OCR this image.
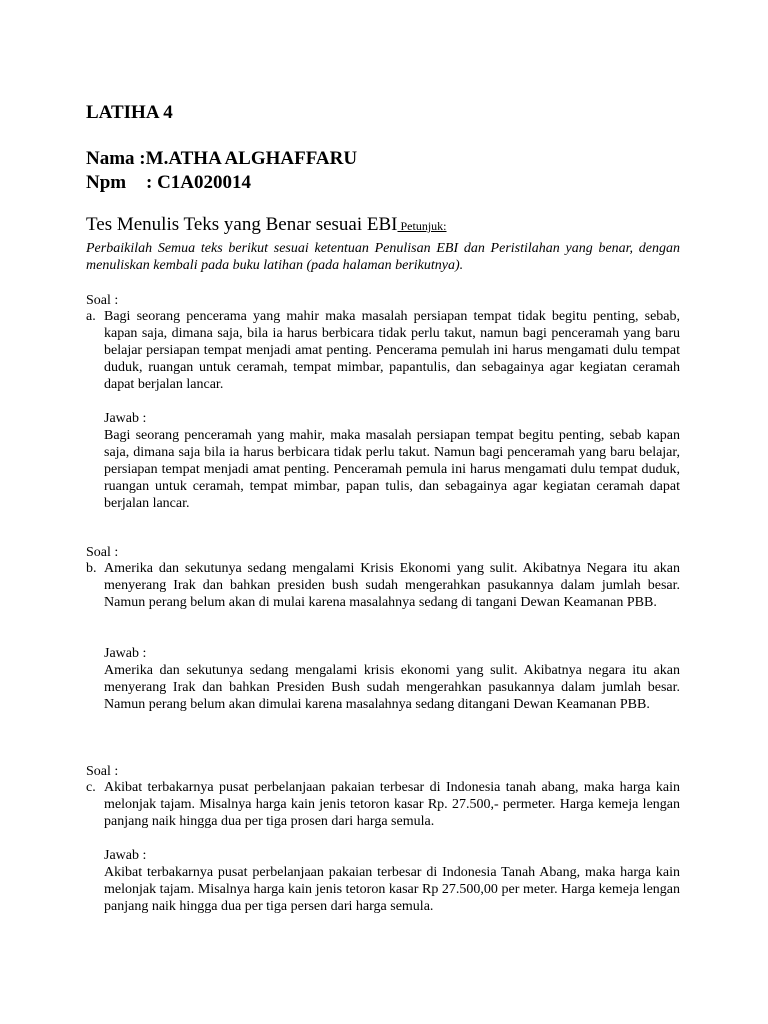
LATIHA 4
Nama :M.ATHA ALGHAFFARU
Npm : C1A020014
Tes Menulis Teks yang Benar sesuai EBI Petunjuk:
Perbaikilah Semua teks berikut sesuai ketentuan Penulisan EBI dan Peristilahan yang benar, dengan menuliskan kembali pada buku latihan (pada halaman berikutnya).
Soal :
a. Bagi seorang pencerama yang mahir maka masalah persiapan tempat tidak begitu penting, sebab, kapan saja, dimana saja, bila ia harus berbicara tidak perlu takut, namun bagi penceramah yang baru belajar persiapan tempat menjadi amat penting. Pencerama pemulah ini harus mengamati dulu tempat duduk, ruangan untuk ceramah, tempat mimbar, papantulis, dan sebagainya agar kegiatan ceramah dapat berjalan lancar.
Jawab :
Bagi seorang penceramah yang mahir, maka masalah persiapan tempat begitu penting, sebab kapan saja, dimana saja bila ia harus berbicara tidak perlu takut. Namun bagi penceramah yang baru belajar, persiapan tempat menjadi amat penting. Penceramah pemula ini harus mengamati dulu tempat duduk, ruangan untuk ceramah, tempat mimbar, papan tulis, dan sebagainya agar kegiatan ceramah dapat berjalan lancar.
Soal :
b. Amerika dan sekutunya sedang mengalami Krisis Ekonomi yang sulit. Akibatnya Negara itu akan menyerang Irak dan bahkan presiden bush sudah mengerahkan pasukannya dalam jumlah besar. Namun perang belum akan di mulai karena masalahnya sedang di tangani Dewan Keamanan PBB.
Jawab :
Amerika dan sekutunya sedang mengalami krisis ekonomi yang sulit. Akibatnya negara itu akan menyerang Irak dan bahkan Presiden Bush sudah mengerahkan pasukannya dalam jumlah besar. Namun perang belum akan dimulai karena masalahnya sedang ditangani Dewan Keamanan PBB.
Soal :
c. Akibat terbakarnya pusat perbelanjaan pakaian terbesar di Indonesia tanah abang, maka harga kain melonjak tajam. Misalnya harga kain jenis tetoron kasar Rp. 27.500,- permeter. Harga kemeja lengan panjang naik hingga dua per tiga prosen dari harga semula.
Jawab :
Akibat terbakarnya pusat perbelanjaan pakaian terbesar di Indonesia Tanah Abang, maka harga kain melonjak tajam. Misalnya harga kain jenis tetoron kasar Rp 27.500,00 per meter. Harga kemeja lengan panjang naik hingga dua per tiga persen dari harga semula.
